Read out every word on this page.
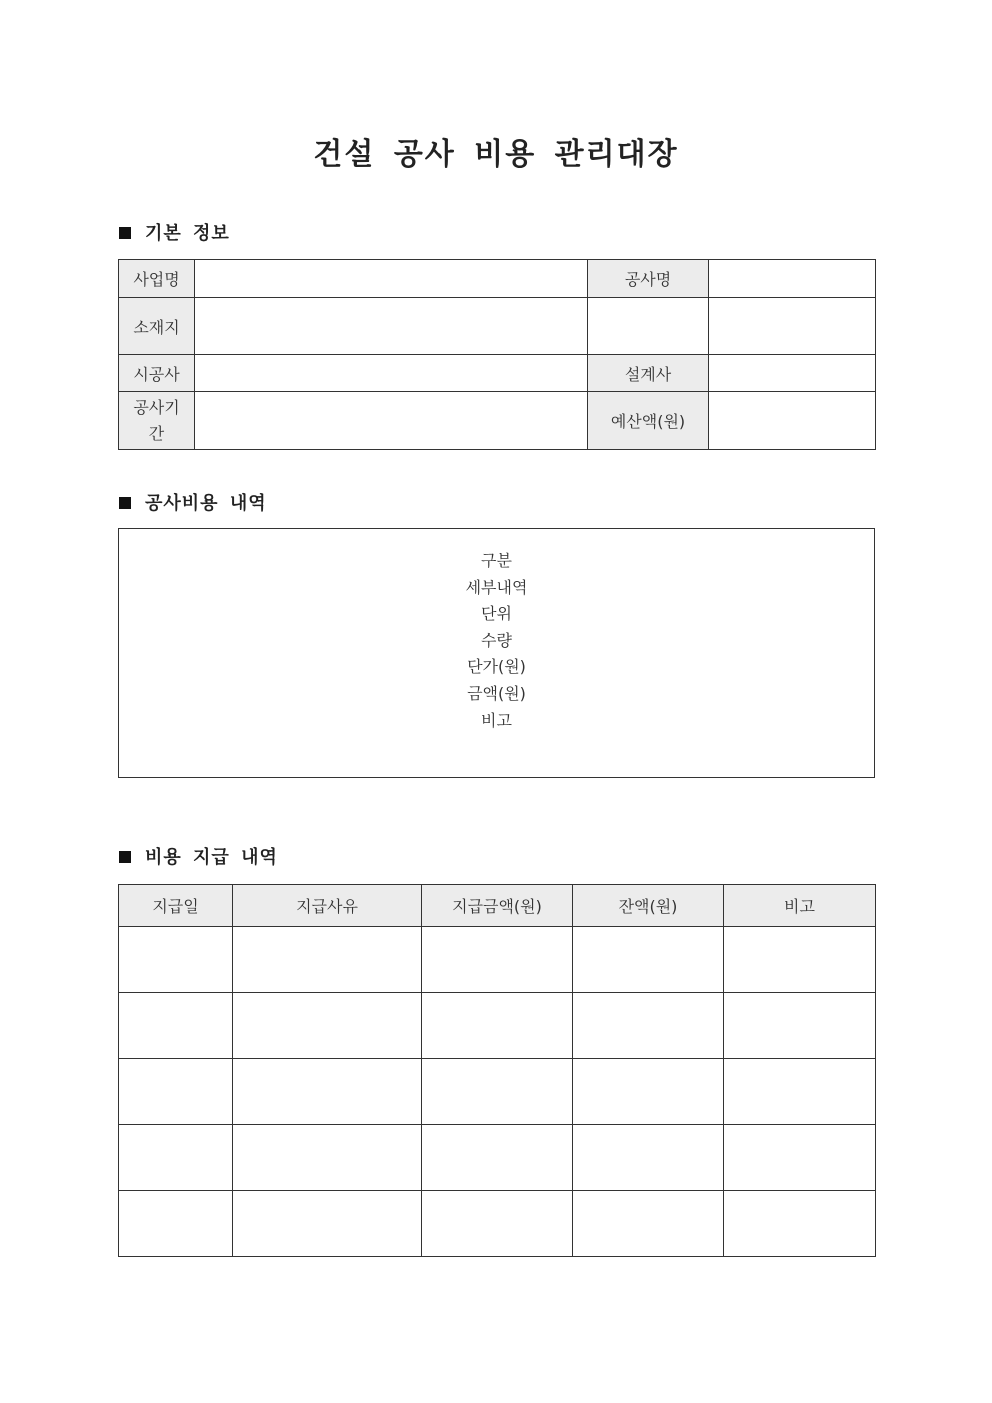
건설 공사 비용 관리대장
기본 정보
사업명		공사명	
소재지			
시공사		설계사	
공사기간		예산액(원)	
공사비용 내역
구분
세부내역
단위
수량
단가(원)
금액(원)
비고
비용 지급 내역
지급일	지급사유	지급금액(원)	잔액(원)	비고
